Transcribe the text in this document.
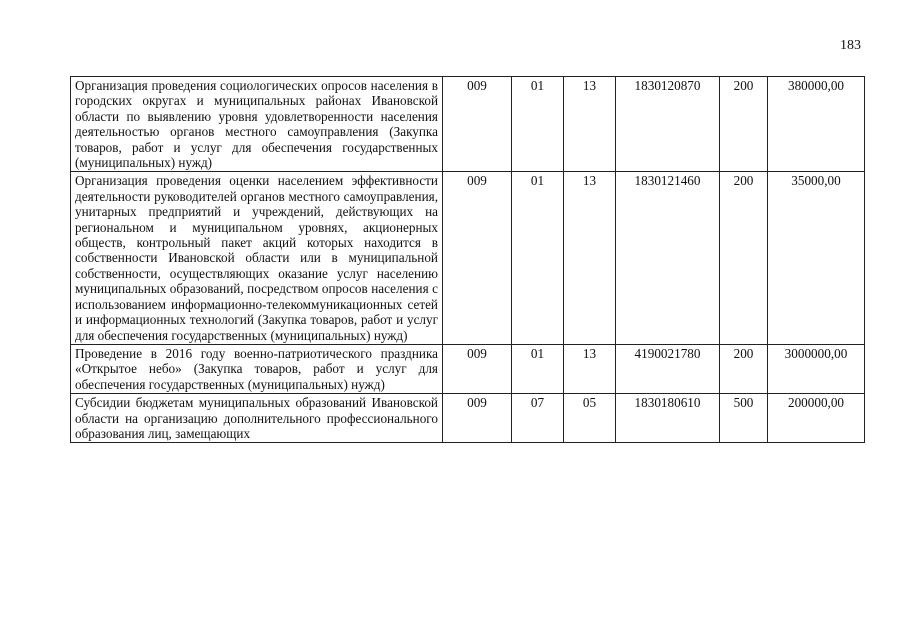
183
Организация проведения социологических опросов населения в городских округах и муниципальных районах Ивановской области по выявлению уровня удовлетворенности населения деятельностью органов местного самоуправления (Закупка товаров, работ и услуг для обеспечения государственных (муниципальных) нужд)	009	01	13	1830120870	200	380000,00
Организация проведения оценки населением эффективности деятельности руководителей органов местного самоуправления, унитарных предприятий и учреждений, действующих на региональном и муниципальном уровнях, акционерных обществ, контрольный пакет акций которых находится в собственности Ивановской области или в муниципальной собственности, осуществляющих оказание услуг населению муниципальных образований, посредством опросов населения с использованием информационно-телекоммуникационных сетей и информационных технологий (Закупка товаров, работ и услуг для обеспечения государственных (муниципальных) нужд)	009	01	13	1830121460	200	35000,00
Проведение в 2016 году военно-патриотического праздника «Открытое небо» (Закупка товаров, работ и услуг для обеспечения государственных (муниципальных) нужд)	009	01	13	4190021780	200	3000000,00

Субсидии бюджетам муниципальных образований Ивановской области на организацию дополнительного профессионального образования лиц, замещающих	009	07	05	1830180610	500	200000,00
